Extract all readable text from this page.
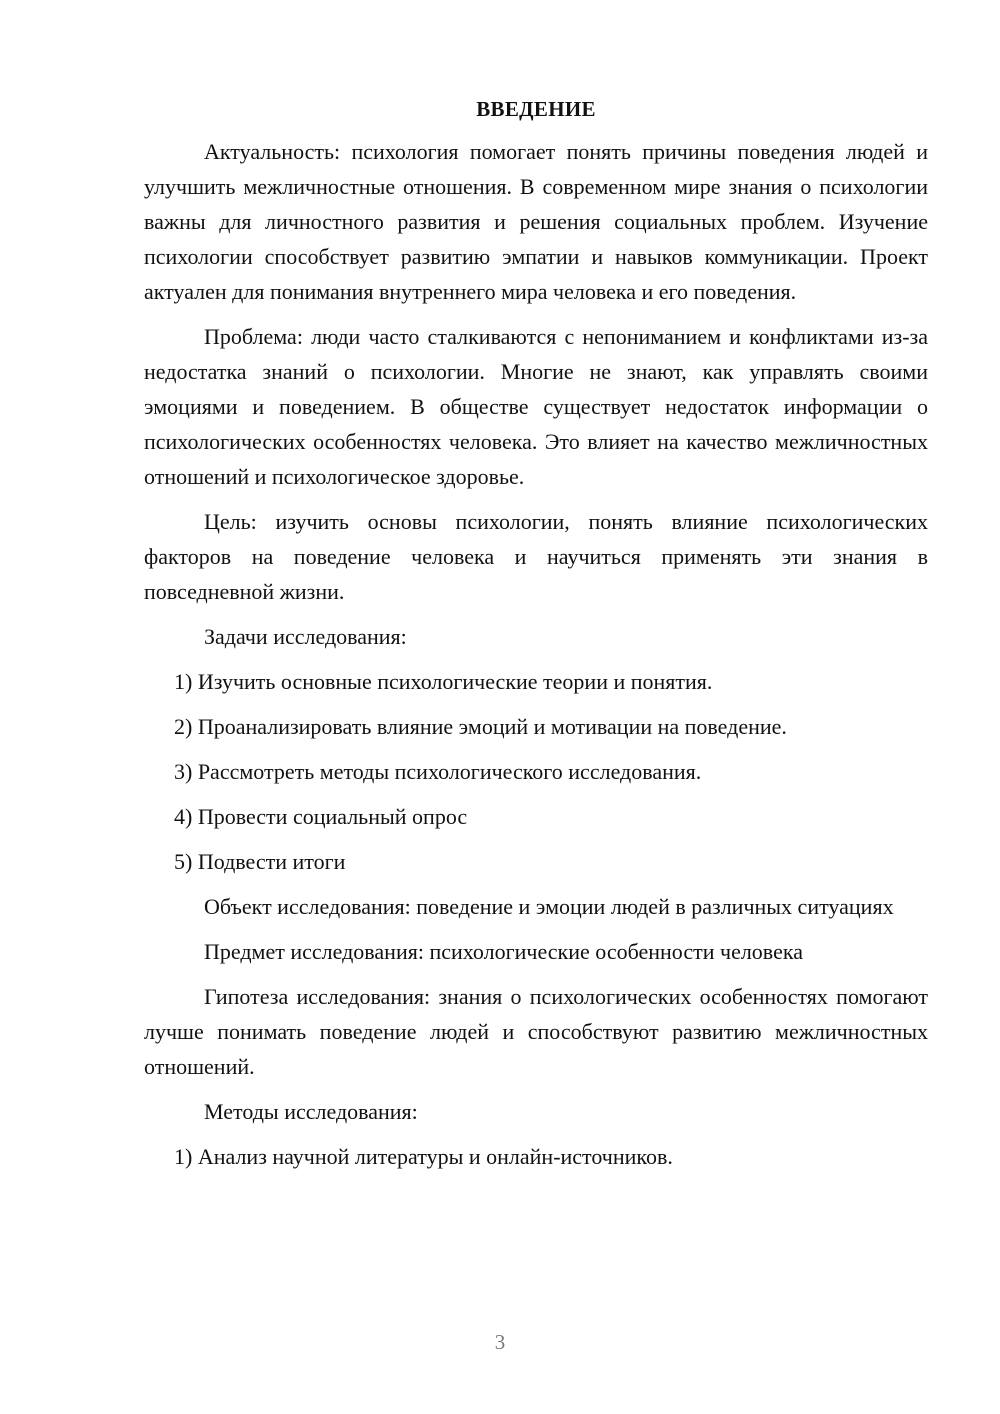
ВВЕДЕНИЕ

Актуальность: психология помогает понять причины поведения людей и улучшить межличностные отношения. В современном мире знания о психологии важны для личностного развития и решения социальных проблем. Изучение психологии способствует развитию эмпатии и навыков коммуникации. Проект актуален для понимания внутреннего мира человека и его поведения.

Проблема: люди часто сталкиваются с непониманием и конфликтами из-за недостатка знаний о психологии. Многие не знают, как управлять своими эмоциями и поведением. В обществе существует недостаток информации о психологических особенностях человека. Это влияет на качество межличностных отношений и психологическое здоровье.

Цель: изучить основы психологии, понять влияние психологических факторов на поведение человека и научиться применять эти знания в повседневной жизни.

Задачи исследования:
1) Изучить основные психологические теории и понятия.
2) Проанализировать влияние эмоций и мотивации на поведение.
3) Рассмотреть методы психологического исследования.
4) Провести социальный опрос
5) Подвести итоги

Объект исследования: поведение и эмоции людей в различных ситуациях

Предмет исследования: психологические особенности человека

Гипотеза исследования: знания о психологических особенностях помогают лучше понимать поведение людей и способствуют развитию межличностных отношений.

Методы исследования:
1) Анализ научной литературы и онлайн-источников.
3
